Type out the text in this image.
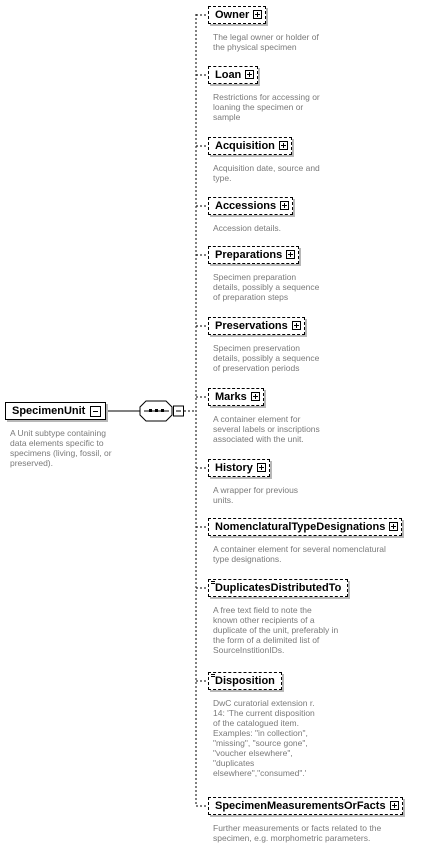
SpecimenUnit
A Unit subtype containing
data elements specific to
specimens (living, fossil, or
preserved).
Owner
The legal owner or holder of
the physical specimen
Loan
Restrictions for accessing or
loaning the specimen or
sample
Acquisition
Acquisition date, source and
type.
Accessions
Accession details.
Preparations
Specimen preparation
details, possibly a sequence
of preparation steps
Preservations
Specimen preservation
details, possibly a sequence
of preservation periods
Marks
A container element for
several labels or inscriptions
associated with the unit.
History
A wrapper for previous
units.
NomenclaturalTypeDesignations
A container element for several nomenclatural
type designations.
DuplicatesDistributedTo
A free text field to note the
known other recipients of a
duplicate of the unit, preferably in
the form of a delimited list of
SourceInstitionIDs.
Disposition
DwC curatorial extension r.
14: 'The current disposition
of the catalogued item.
Examples: "in collection",
"missing", "source gone",
"voucher elsewhere",
"duplicates
elsewhere","consumed".'
SpecimenMeasurementsOrFacts
Further measurements or facts related to the
specimen, e.g. morphometric parameters.
